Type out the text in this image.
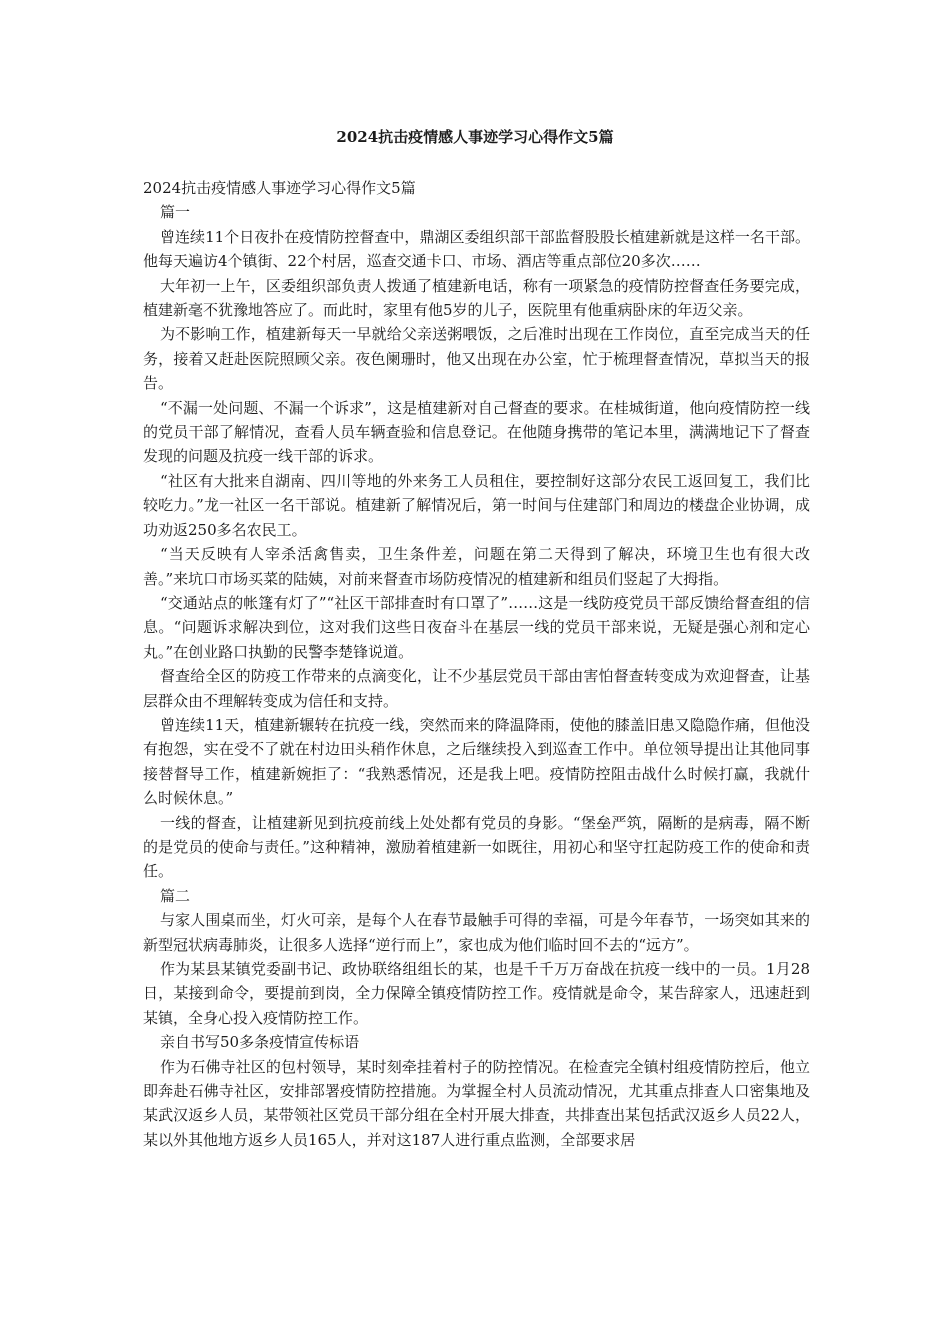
2024抗击疫情感人事迹学习心得作文5篇

2024抗击疫情感人事迹学习心得作文5篇

篇一

曾连续11个日夜扑在疫情防控督查中，鼎湖区委组织部干部监督股股长植建新就是这样一名干部。他每天遍访4个镇街、22个村居，巡查交通卡口、市场、酒店等重点部位20多次……

大年初一上午，区委组织部负责人拨通了植建新电话，称有一项紧急的疫情防控督查任务要完成，植建新毫不犹豫地答应了。而此时，家里有他5岁的儿子，医院里有他重病卧床的年迈父亲。

为不影响工作，植建新每天一早就给父亲送粥喂饭，之后准时出现在工作岗位，直至完成当天的任务，接着又赶赴医院照顾父亲。夜色阑珊时，他又出现在办公室，忙于梳理督查情况，草拟当天的报告。

“不漏一处问题、不漏一个诉求”，这是植建新对自己督查的要求。在桂城街道，他向疫情防控一线的党员干部了解情况，查看人员车辆查验和信息登记。在他随身携带的笔记本里，满满地记下了督查发现的问题及抗疫一线干部的诉求。

“社区有大批来自湖南、四川等地的外来务工人员租住，要控制好这部分农民工返回复工，我们比较吃力。”龙一社区一名干部说。植建新了解情况后，第一时间与住建部门和周边的楼盘企业协调，成功劝返250多名农民工。

“当天反映有人宰杀活禽售卖，卫生条件差，问题在第二天得到了解决，环境卫生也有很大改善。”来坑口市场买菜的陆姨，对前来督查市场防疫情况的植建新和组员们竖起了大拇指。

“交通站点的帐篷有灯了”“社区干部排查时有口罩了”……这是一线防疫党员干部反馈给督查组的信息。“问题诉求解决到位，这对我们这些日夜奋斗在基层一线的党员干部来说，无疑是强心剂和定心丸。”在创业路口执勤的民警李楚锋说道。

督查给全区的防疫工作带来的点滴变化，让不少基层党员干部由害怕督查转变成为欢迎督查，让基层群众由不理解转变成为信任和支持。

曾连续11天，植建新辗转在抗疫一线，突然而来的降温降雨，使他的膝盖旧患又隐隐作痛，但他没有抱怨，实在受不了就在村边田头稍作休息，之后继续投入到巡查工作中。单位领导提出让其他同事接替督导工作，植建新婉拒了：“我熟悉情况，还是我上吧。疫情防控阻击战什么时候打赢，我就什么时候休息。”

一线的督查，让植建新见到抗疫前线上处处都有党员的身影。“堡垒严筑，隔断的是病毒，隔不断的是党员的使命与责任。”这种精神，激励着植建新一如既往，用初心和坚守扛起防疫工作的使命和责任。

篇二

与家人围桌而坐，灯火可亲，是每个人在春节最触手可得的幸福，可是今年春节，一场突如其来的新型冠状病毒肺炎，让很多人选择“逆行而上”，家也成为他们临时回不去的“远方”。

作为某县某镇党委副书记、政协联络组组长的某，也是千千万万奋战在抗疫一线中的一员。1月28日，某接到命令，要提前到岗，全力保障全镇疫情防控工作。疫情就是命令，某告辞家人，迅速赶到某镇，全身心投入疫情防控工作。

亲自书写50多条疫情宣传标语

作为石佛寺社区的包村领导，某时刻牵挂着村子的防控情况。在检查完全镇村组疫情防控后，他立即奔赴石佛寺社区，安排部署疫情防控措施。为掌握全村人员流动情况，尤其重点排查人口密集地及某武汉返乡人员，某带领社区党员干部分组在全村开展大排查，共排查出某包括武汉返乡人员22人，某以外其他地方返乡人员165人，并对这187人进行重点监测，全部要求居
